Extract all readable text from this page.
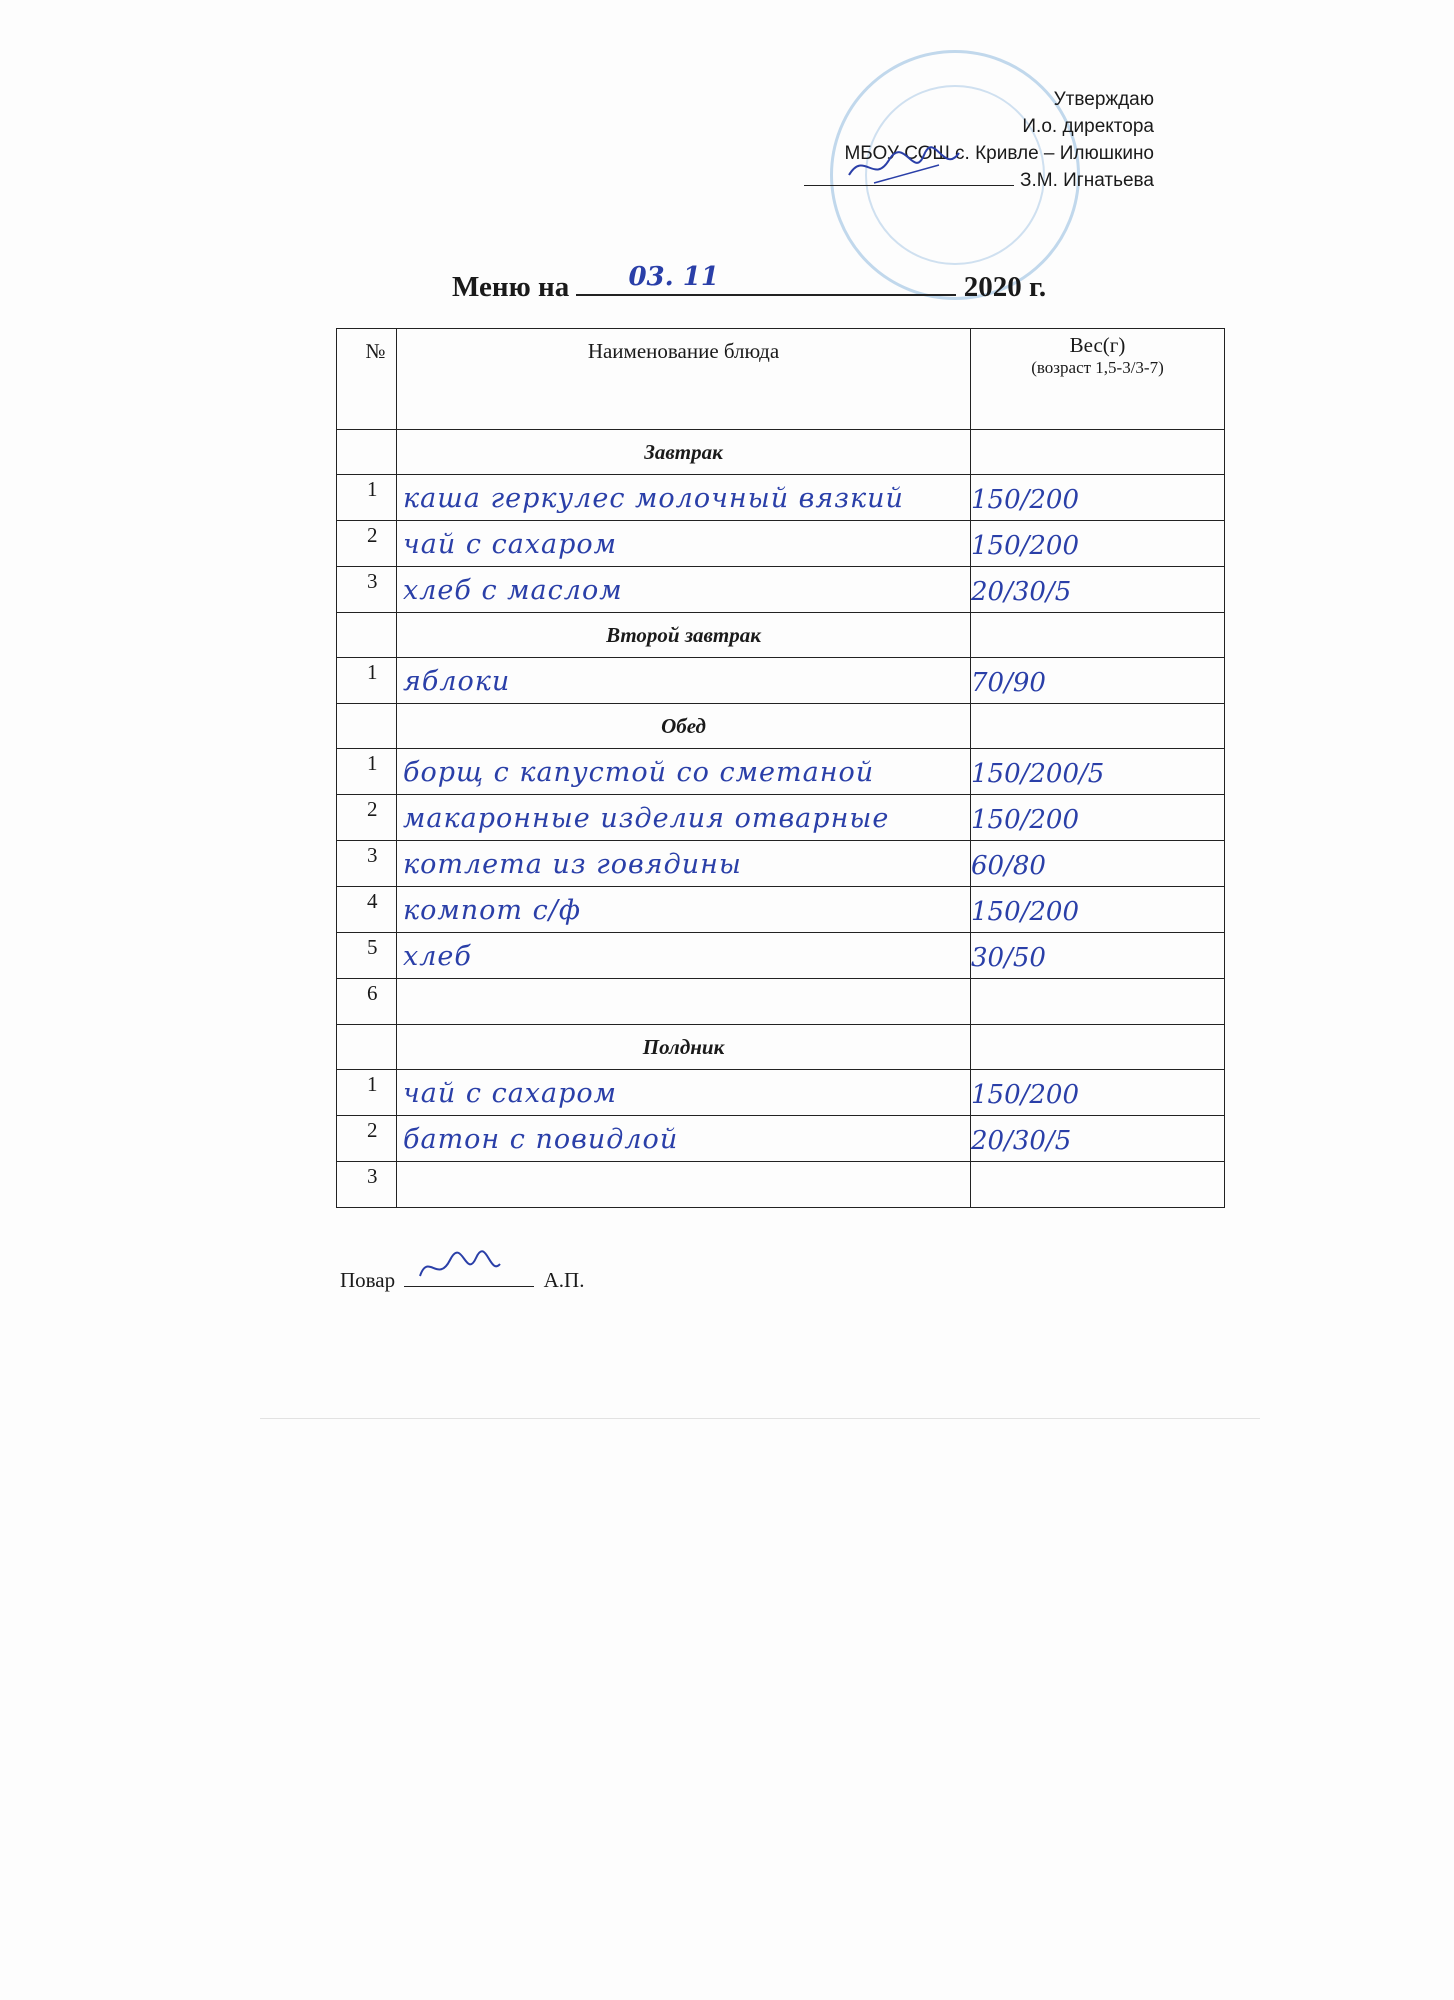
Утверждаю
И.о. директора
МБОУ СОШ с. Кривле – Илюшкино
З.М. Игнатьева
Меню на 03. 11	2020 г.
№	Наименование блюда	Вес(г)
(возраст 1,5-3/3-7)

	Завтрак	
1	каша геркулес молочный вязкий	150/200

2	чай с сахаром	150/200

3	хлеб с маслом	20/30/5

	Второй завтрак	
1	яблоки	70/90

	Обед	
1	борщ с капустой со сметаной	150/200/5

2	макаронные изделия отварные	150/200

3	котлета из говядины	60/80

4	компот с/ф	150/200

5	хлеб	30/50

6	

	Полдник	
1	чай с сахаром	150/200

2	батон с повидлой	20/30/5

3	

Повар	А.П.
